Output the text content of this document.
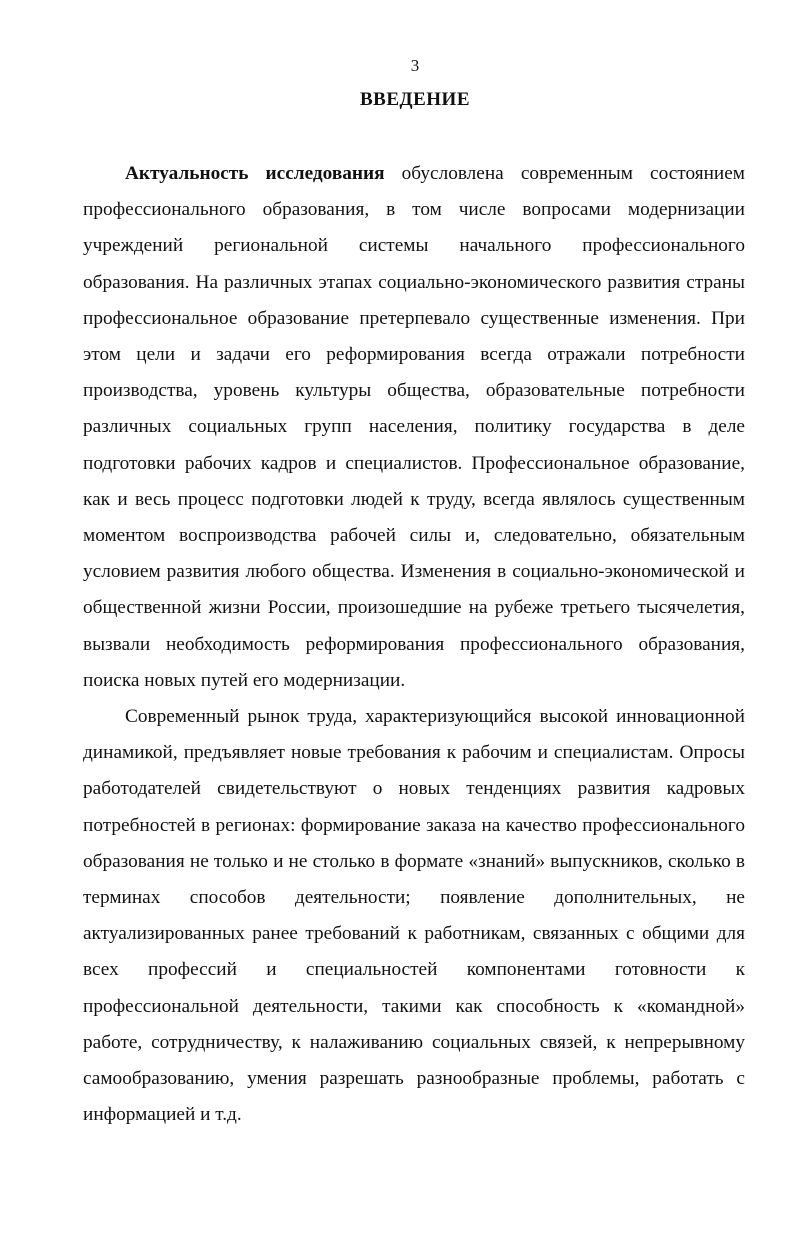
3
ВВЕДЕНИЕ

Актуальность исследования обусловлена современным состоянием профессионального образования, в том числе вопросами модернизации учреждений региональной системы начального профессионального образования. На различных этапах социально-экономического развития страны профессиональное образование претерпевало существенные изменения. При этом цели и задачи его реформирования всегда отражали потребности производства, уровень культуры общества, образовательные потребности различных социальных групп населения, политику государства в деле подготовки рабочих кадров и специалистов. Профессиональное образование, как и весь процесс подготовки людей к труду, всегда являлось существенным моментом воспроизводства рабочей силы и, следовательно, обязательным условием развития любого общества. Изменения в социально-экономической и общественной жизни России, произошедшие на рубеже третьего тысячелетия, вызвали необходимость реформирования профессионального образования, поиска новых путей его модернизации.

Современный рынок труда, характеризующийся высокой инновационной динамикой, предъявляет новые требования к рабочим и специалистам. Опросы работодателей свидетельствуют о новых тенденциях развития кадровых потребностей в регионах: формирование заказа на качество профессионального образования не только и не столько в формате «знаний» выпускников, сколько в терминах способов деятельности; появление дополнительных, не актуализированных ранее требований к работникам, связанных с общими для всех профессий и специальностей компонентами готовности к профессиональной деятельности, такими как способность к «командной» работе, сотрудничеству, к налаживанию социальных связей, к непрерывному самообразованию, умения разрешать разнообразные проблемы, работать с информацией и т.д.
